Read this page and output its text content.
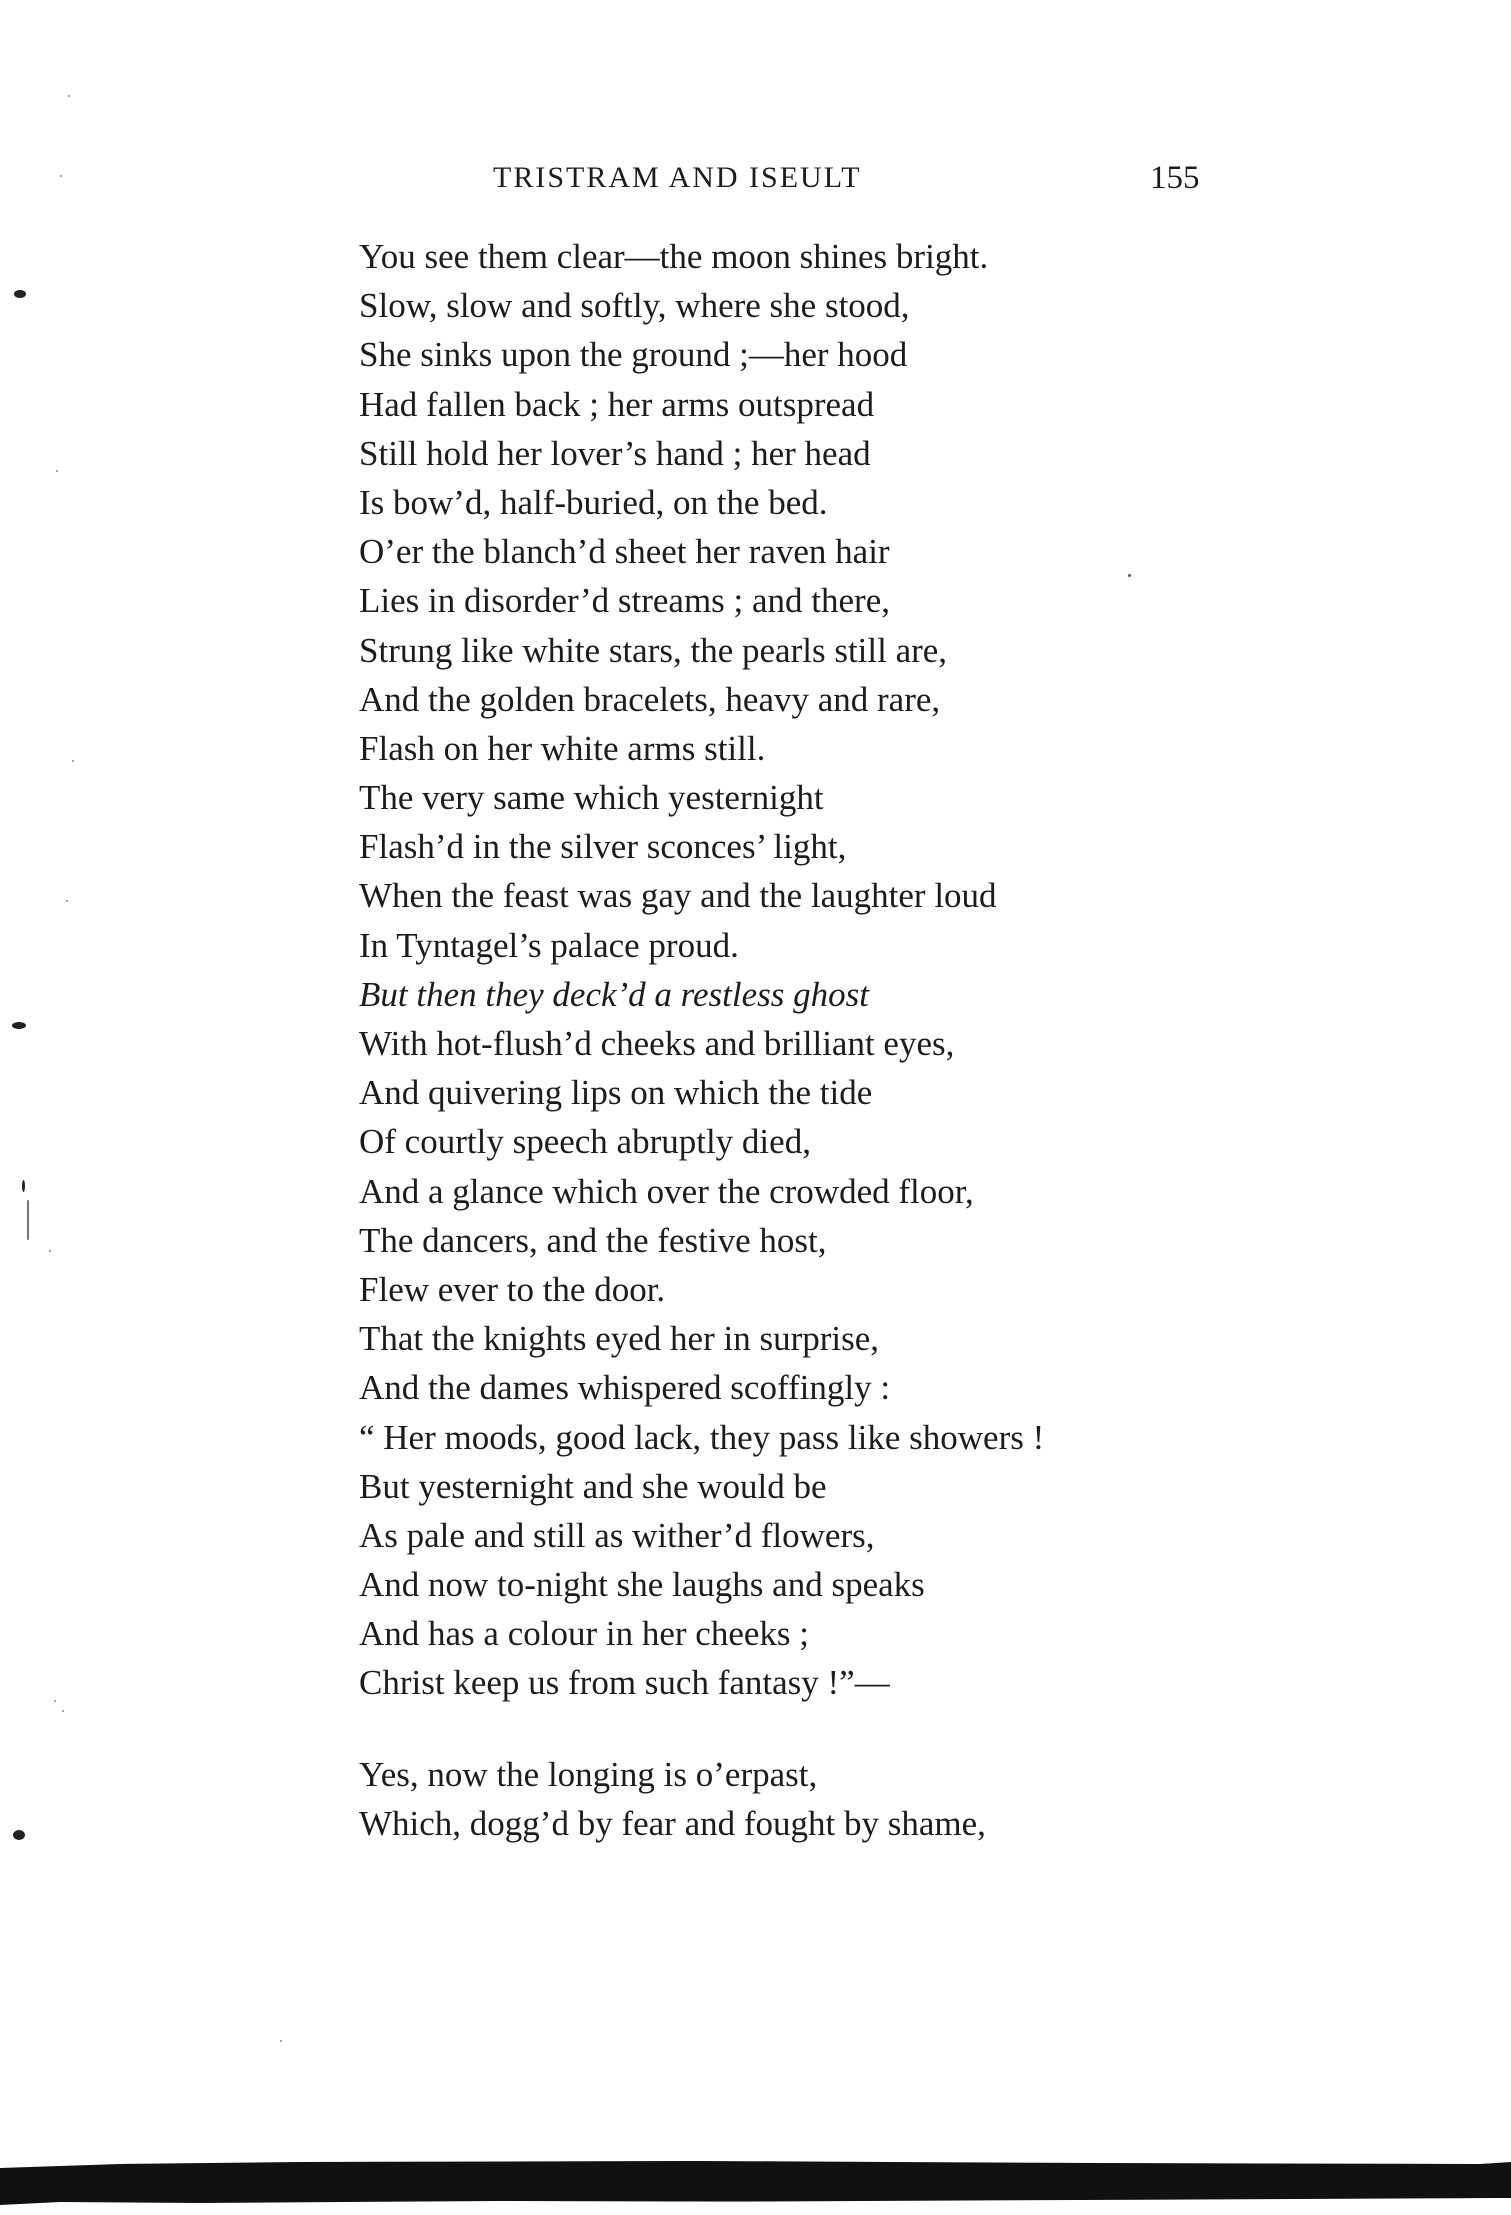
TRISTRAM AND ISEULT	155
You see them clear—the moon shines bright.
Slow, slow and softly, where she stood,
She sinks upon the ground ;—her hood
Had fallen back ; her arms outspread
Still hold her lover’s hand ; her head
Is bow’d, half-buried, on the bed.
O’er the blanch’d sheet her raven hair
Lies in disorder’d streams ; and there,
Strung like white stars, the pearls still are,
And the golden bracelets, heavy and rare,
Flash on her white arms still.
The very same which yesternight
Flash’d in the silver sconces’ light,
When the feast was gay and the laughter loud
In Tyntagel’s palace proud.
But then they deck’d a restless ghost
With hot-flush’d cheeks and brilliant eyes,
And quivering lips on which the tide
Of courtly speech abruptly died,
And a glance which over the crowded floor,
The dancers, and the festive host,
Flew ever to the door.
That the knights eyed her in surprise,
And the dames whispered scoffingly :
“ Her moods, good lack, they pass like showers !
But yesternight and she would be
As pale and still as wither’d flowers,
And now to-night she laughs and speaks
And has a colour in her cheeks ;
Christ keep us from such fantasy !”—
Yes, now the longing is o’erpast,
Which, dogg’d by fear and fought by shame,
